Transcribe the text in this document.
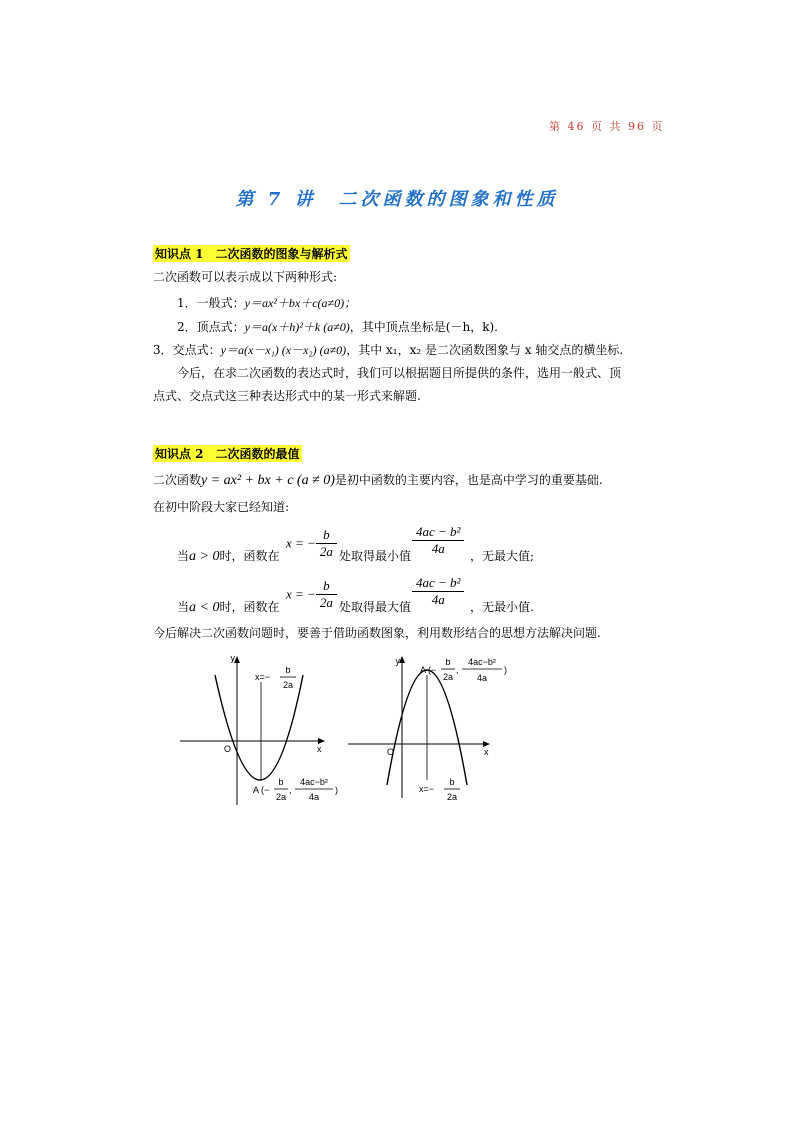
第 46 页 共 96 页
第 7 讲　二次函数的图象和性质
知识点 1　二次函数的图象与解析式
二次函数可以表示成以下两种形式:
1．一般式：y＝ax²＋bx＋c(a≠0)；
2．顶点式：y＝a(x＋h)²＋k (a≠0)，其中顶点坐标是(－h，k).
3．交点式：y＝a(x－x₁) (x－x₂) (a≠0)，其中 x₁，x₂ 是二次函数图象与 x 轴交点的横坐标.
今后，在求二次函数的表达式时，我们可以根据题目所提供的条件，选用一般式、顶
点式、交点式这三种表达形式中的某一形式来解题.
知识点 2　二次函数的最值
二次函数y = ax² + bx + c (a ≠ 0)是初中函数的主要内容，也是高中学习的重要基础.
在初中阶段大家已经知道:
当a > 0时，函数在
x = − $\frac{b}{2a}$ 处取得最小值 $\frac{\text{4ac − b²}}{4a}$ ，无最大值;
当a < 0时，函数在
x = − $\frac{b}{2a}$ 处取得最大值 $\frac{\text{4ac − b²}}{4a}$ ，无最小值.
今后解决二次函数问题时，要善于借助函数图象，利用数形结合的思想方法解决问题.
y
x
O
x=−
b
2a
A (−
b
2a
,
4ac−b²
4a
)
y
x
O
x=−
b
2a
A (−
b
2a
,
4ac−b²
4a
)
